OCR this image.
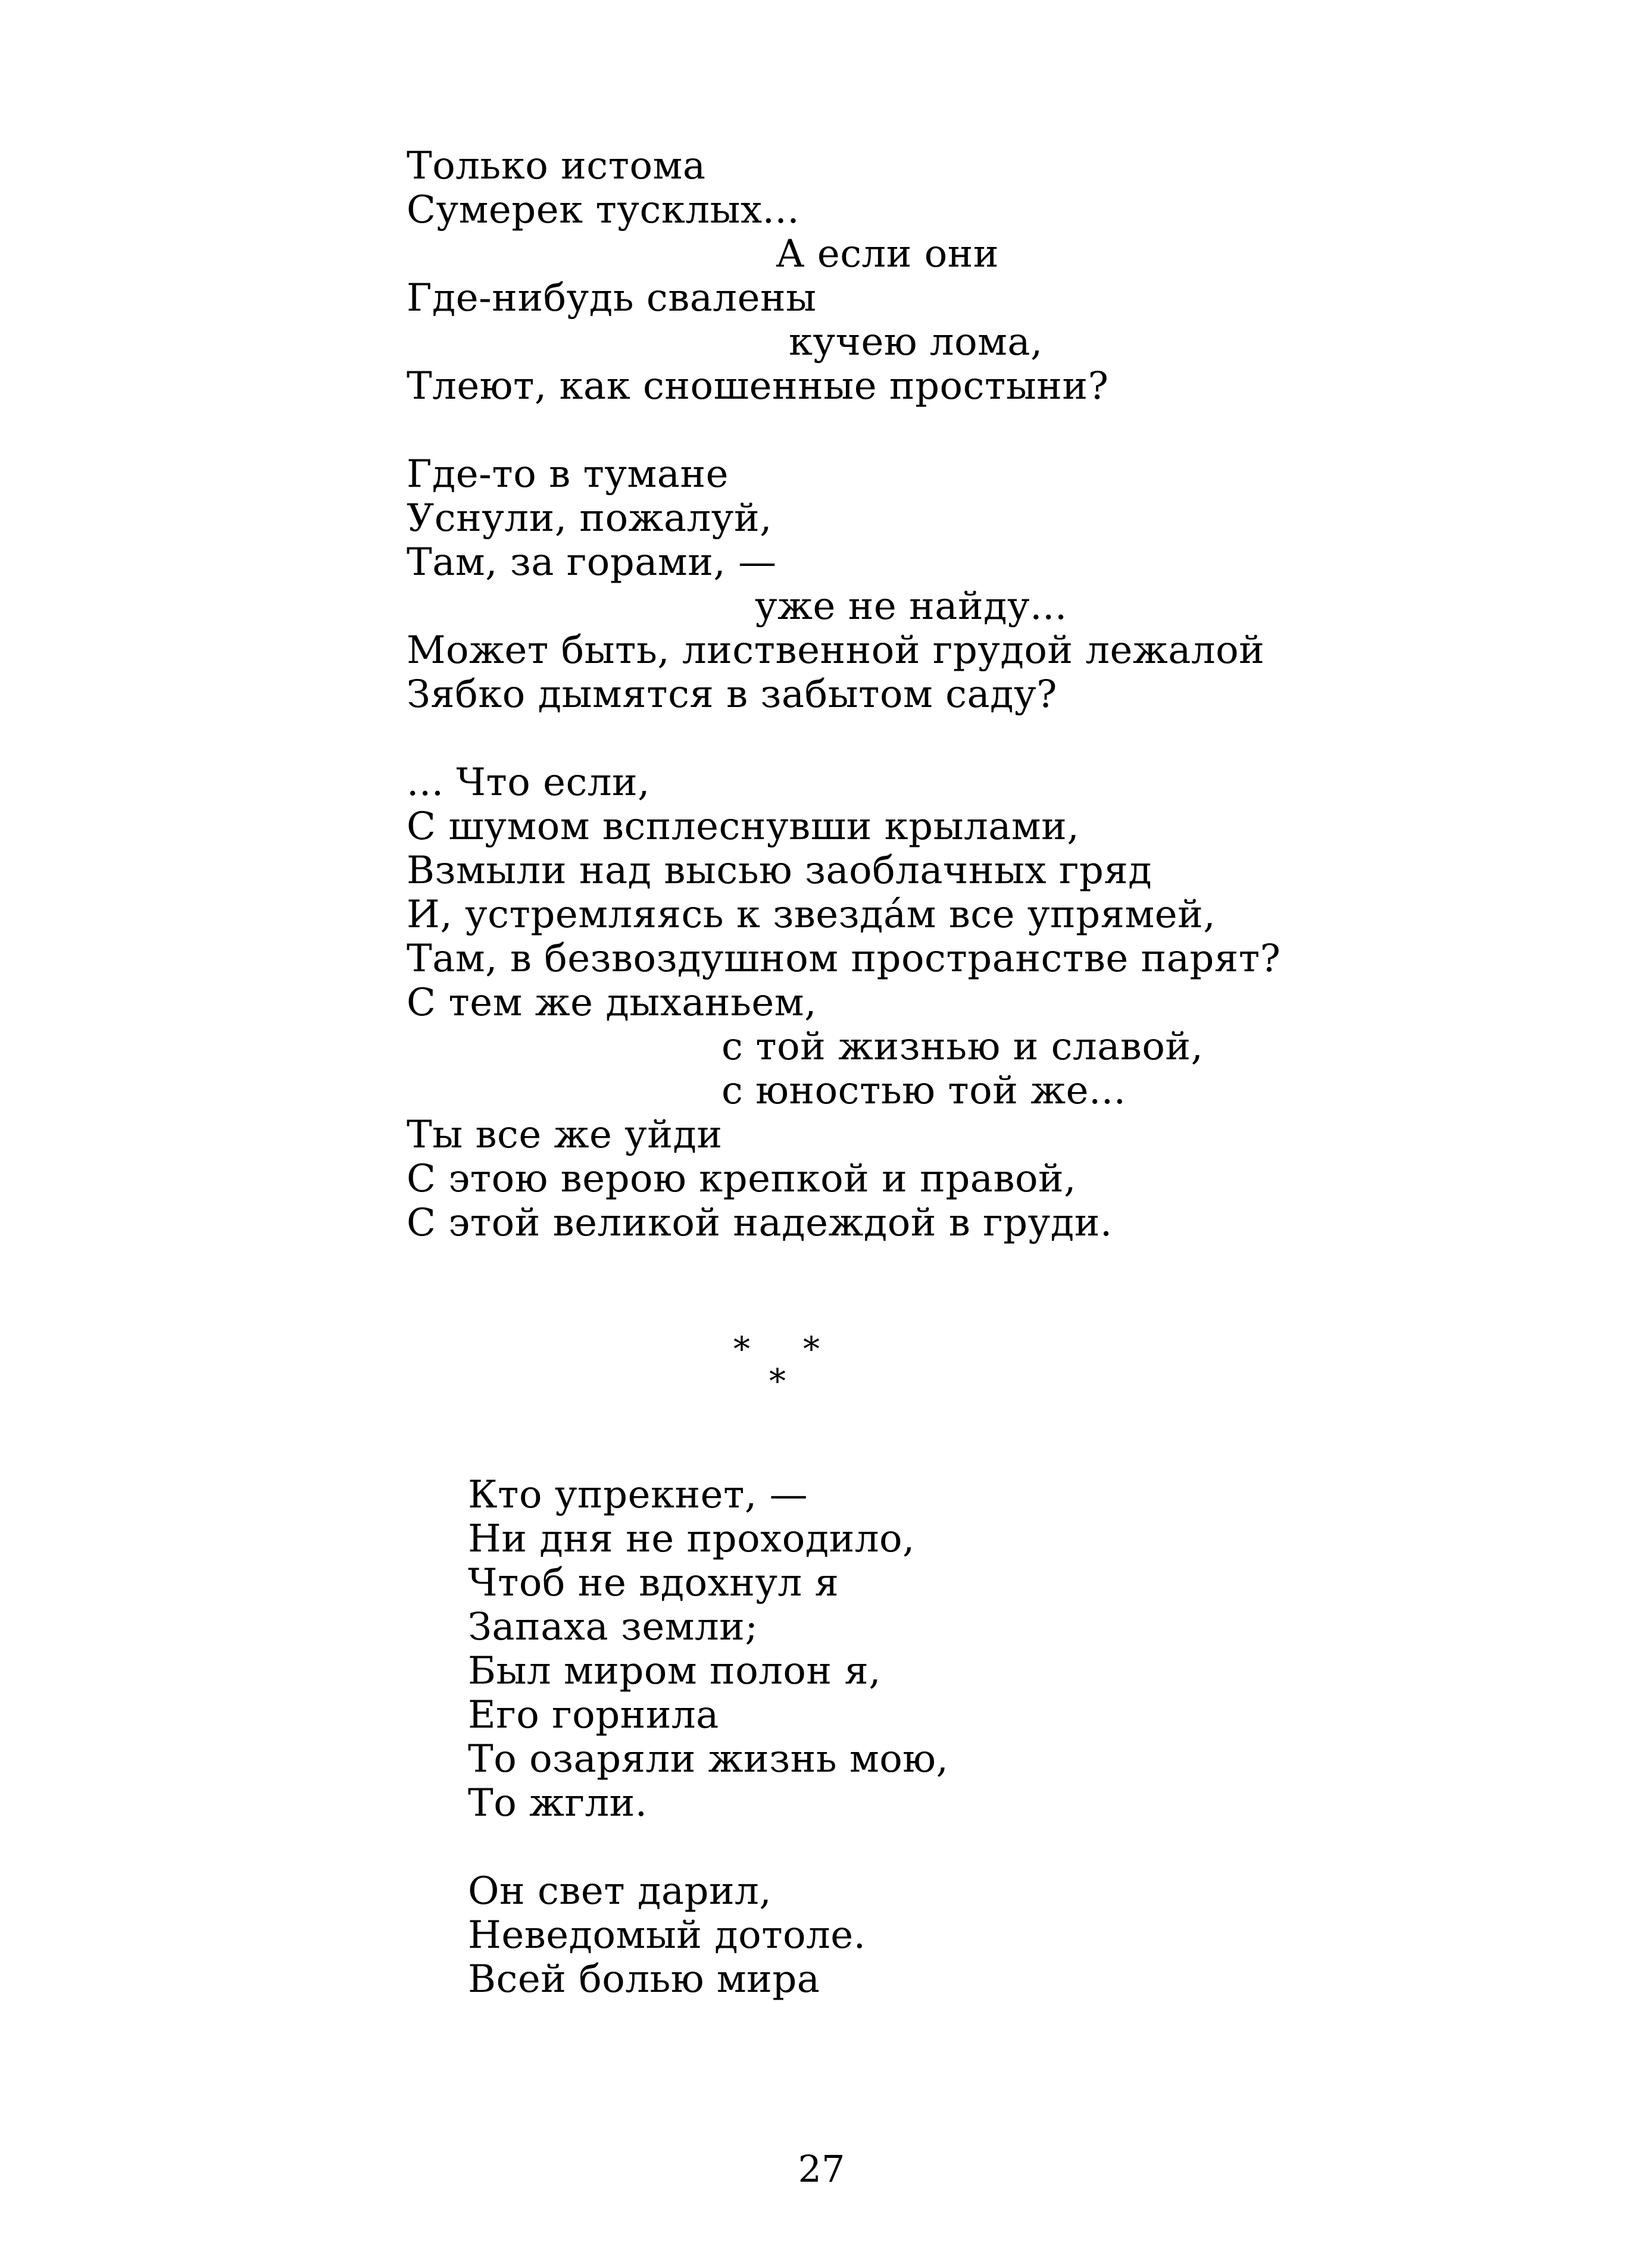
Только истома
Сумерек тусклых...
А если они
Где-нибудь свалены
кучею лома,
Тлеют, как сношенные простыни?
Где-то в тумане
Уснули, пожалуй,
Там, за горами, —
уже не найду...
Может быть, лиственной грудой лежалой
Зябко дымятся в забытом саду?
... Что если,
С шумом всплеснувши крылами,
Взмыли над высью заоблачных гряд
И, устремляясь к звездáм все упрямей,
Там, в безвоздушном пространстве парят?
С тем же дыханьем,
с той жизнью и славой,
с юностью той же...
Ты все же уйди
С этою верою крепкой и правой,
С этой великой надеждой в груди.
* *
*
Кто упрекнет, —
Ни дня не проходило,
Чтоб не вдохнул я
Запаха земли;
Был миром полон я,
Его горнила
То озаряли жизнь мою,
То жгли.
Он свет дарил,
Неведомый дотоле.
Всей болью мира
27
